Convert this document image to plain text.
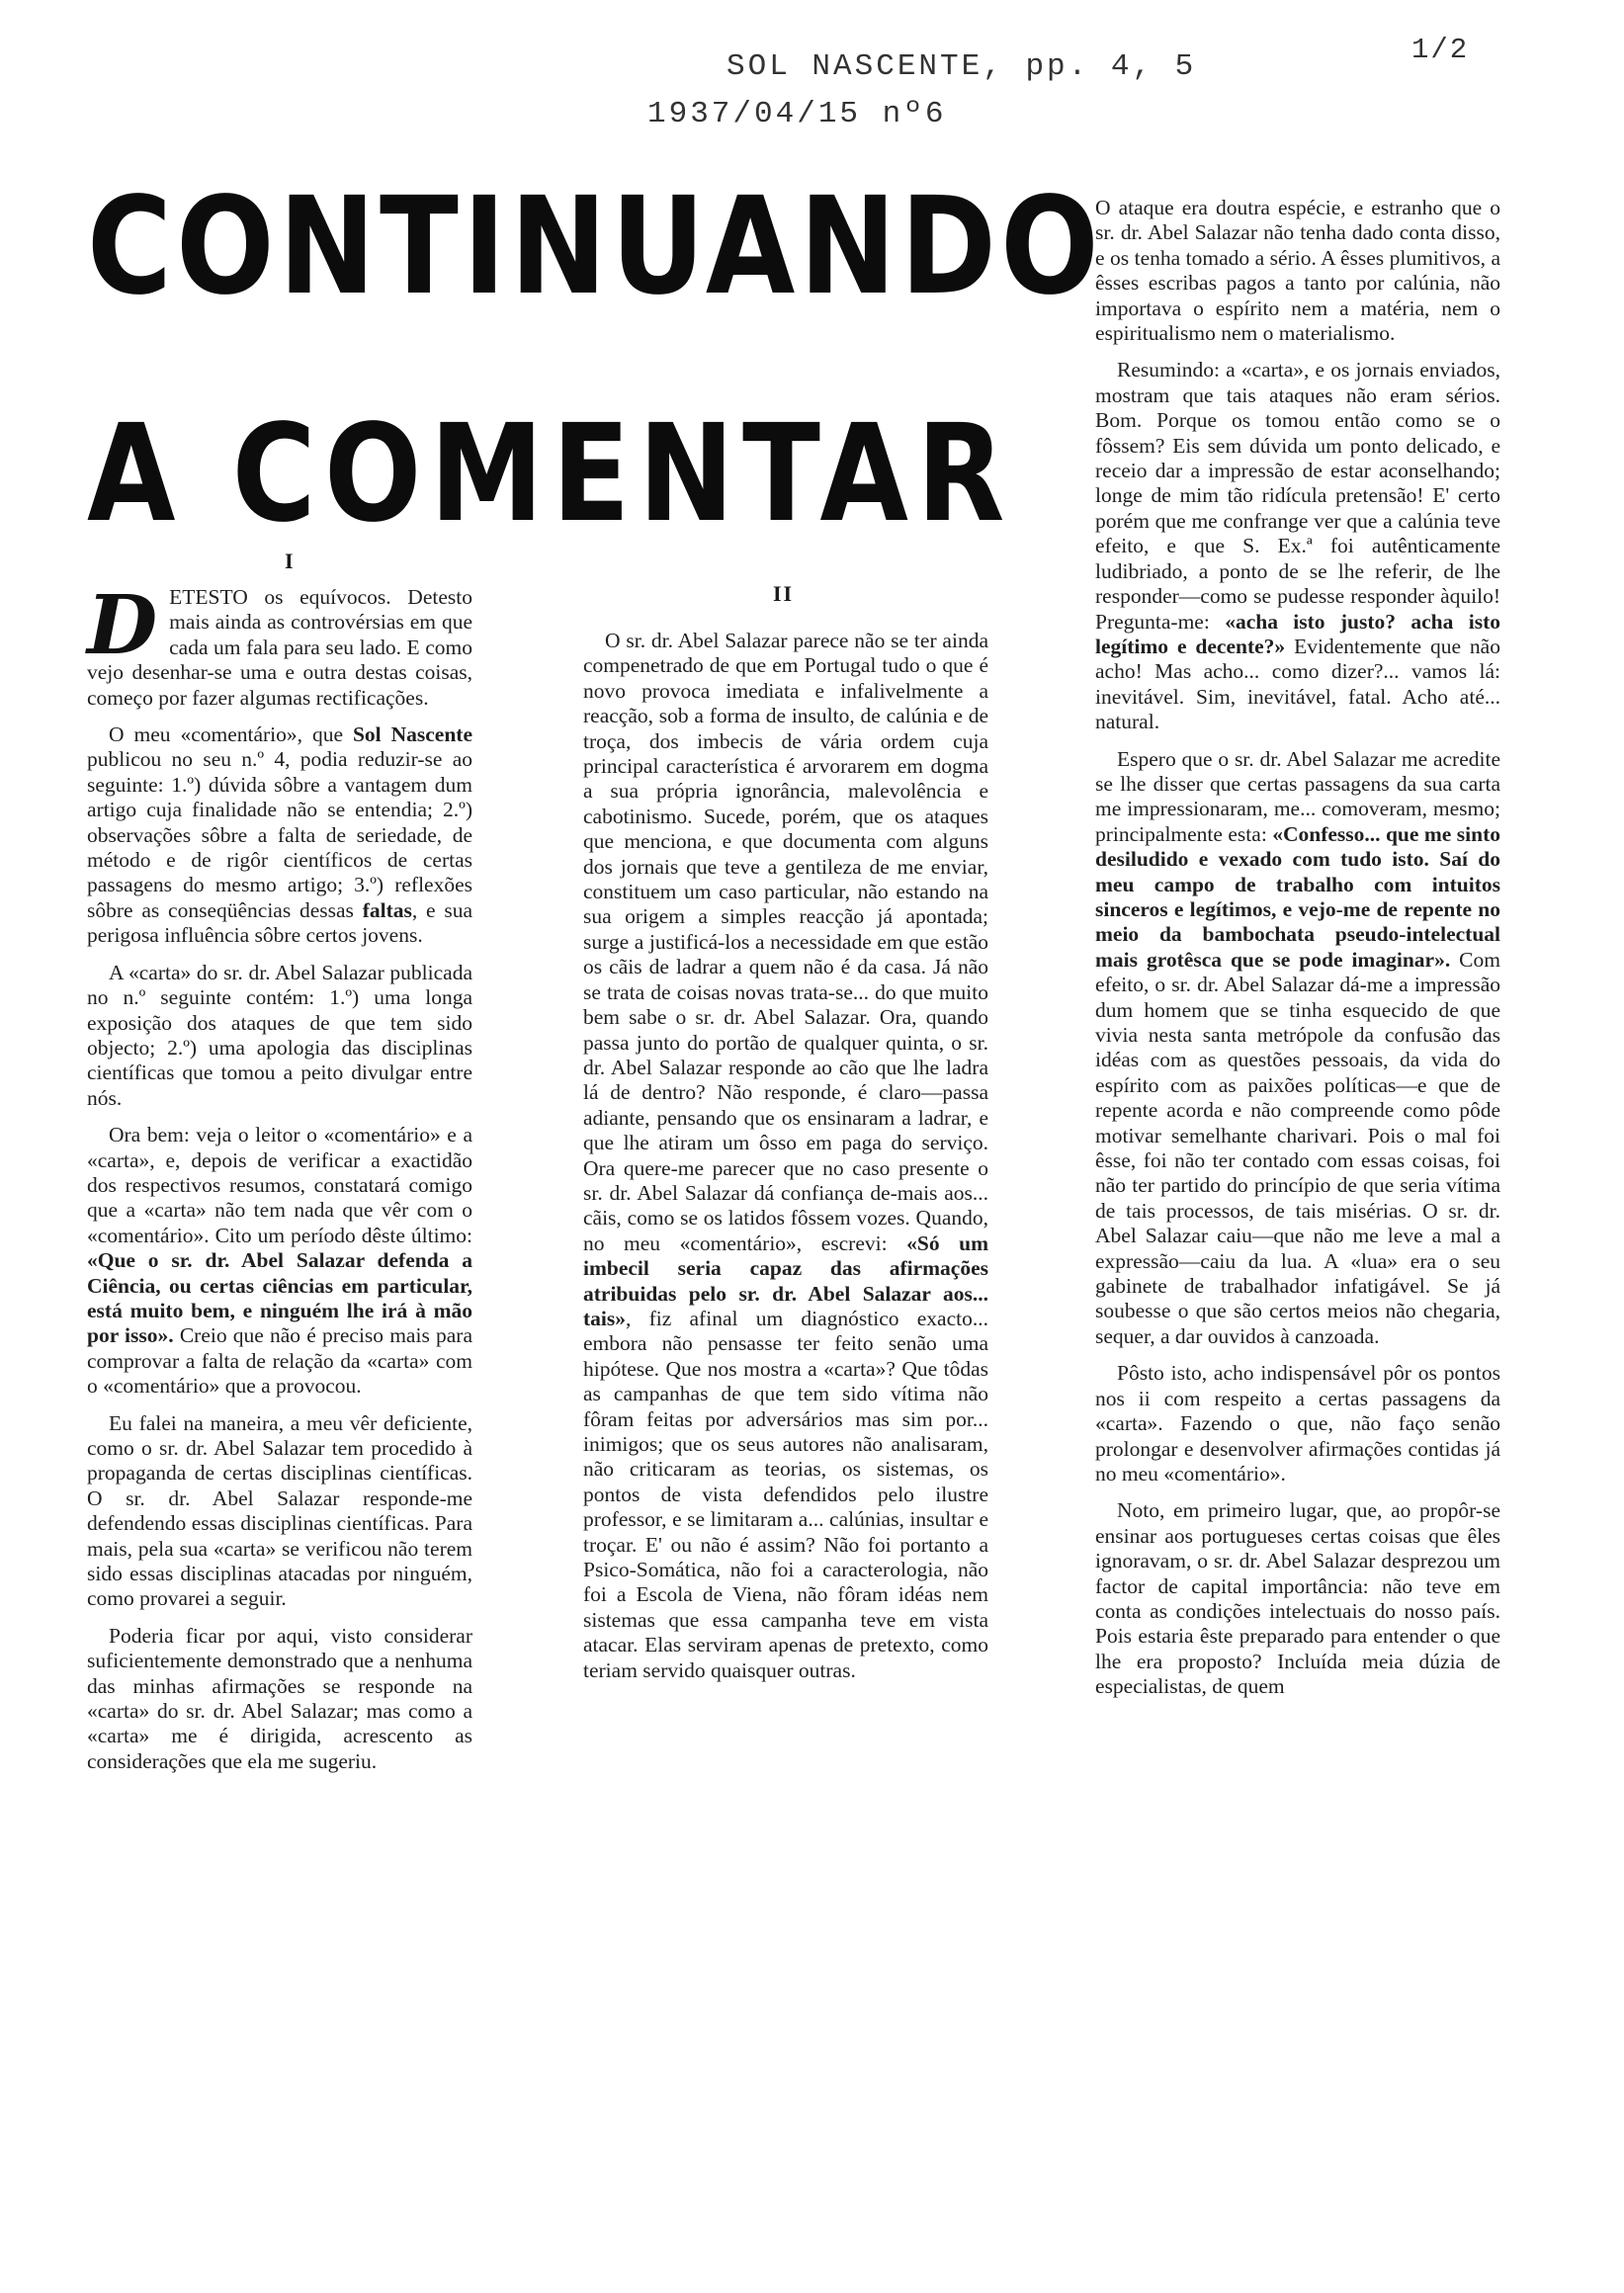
SOL NASCENTE, pp. 4, 5
1937/04/15 nº6
1/2
CONTINUANDO
A COMENTAR
I
II

DETESTO os equívocos. Detesto mais ainda as controvérsias em que cada um fala para seu lado. E como vejo desenhar-se uma e outra destas coisas, começo por fazer algumas rectificações.

O meu «comentário», que Sol Nascente publicou no seu n.º 4, podia reduzir-se ao seguinte: 1.º) dúvida sôbre a vantagem dum artigo cuja finalidade não se entendia; 2.º) observações sôbre a falta de seriedade, de método e de rigôr científicos de certas passagens do mesmo artigo; 3.º) reflexões sôbre as conseqüências dessas faltas, e sua perigosa influência sôbre certos jovens.

A «carta» do sr. dr. Abel Salazar publicada no n.º seguinte contém: 1.º) uma longa exposição dos ataques de que tem sido objecto; 2.º) uma apologia das disciplinas científicas que tomou a peito divulgar entre nós.

Ora bem: veja o leitor o «comentário» e a «carta», e, depois de verificar a exactidão dos respectivos resumos, constatará comigo que a «carta» não tem nada que vêr com o «comentário». Cito um período dêste último: «Que o sr. dr. Abel Salazar defenda a Ciência, ou certas ciências em particular, está muito bem, e ninguém lhe irá à mão por isso». Creio que não é preciso mais para comprovar a falta de relação da «carta» com o «comentário» que a provocou.

Eu falei na maneira, a meu vêr deficiente, como o sr. dr. Abel Salazar tem procedido à propaganda de certas disciplinas científicas. O sr. dr. Abel Salazar responde-me defendendo essas disciplinas científicas. Para mais, pela sua «carta» se verificou não terem sido essas disciplinas atacadas por ninguém, como provarei a seguir.

Poderia ficar por aqui, visto considerar suficientemente demonstrado que a nenhuma das minhas afirmações se responde na «carta» do sr. dr. Abel Salazar; mas como a «carta» me é dirigida, acrescento as considerações que ela me sugeriu.

O sr. dr. Abel Salazar parece não se ter ainda compenetrado de que em Portugal tudo o que é novo provoca imediata e infalivelmente a reacção, sob a forma de insulto, de calúnia e de troça, dos imbecis de vária ordem cuja principal característica é arvorarem em dogma a sua própria ignorância, malevolência e cabotinismo. Sucede, porém, que os ataques que menciona, e que documenta com alguns dos jornais que teve a gentileza de me enviar, constituem um caso particular, não estando na sua origem a simples reacção já apontada; surge a justificá-los a necessidade em que estão os cãis de ladrar a quem não é da casa. Já não se trata de coisas novas trata-se... do que muito bem sabe o sr. dr. Abel Salazar. Ora, quando passa junto do portão de qualquer quinta, o sr. dr. Abel Salazar responde ao cão que lhe ladra lá de dentro? Não responde, é claro—passa adiante, pensando que os ensinaram a ladrar, e que lhe atiram um ôsso em paga do serviço. Ora quere-me parecer que no caso presente o sr. dr. Abel Salazar dá confiança de-mais aos... cãis, como se os latidos fôssem vozes. Quando, no meu «comentário», escrevi: «Só um imbecil seria capaz das afirmações atribuidas pelo sr. dr. Abel Salazar aos... tais», fiz afinal um diagnóstico exacto... embora não pensasse ter feito senão uma hipótese. Que nos mostra a «carta»? Que tôdas as campanhas de que tem sido vítima não fôram feitas por adversários mas sim por... inimigos; que os seus autores não analisaram, não criticaram as teorias, os sistemas, os pontos de vista defendidos pelo ilustre professor, e se limitaram a... calúnias, insultar e troçar. E' ou não é assim? Não foi portanto a Psico-Somática, não foi a caracterologia, não foi a Escola de Viena, não fôram idéas nem sistemas que essa campanha teve em vista atacar. Elas serviram apenas de pretexto, como teriam servido quaisquer outras.

O ataque era doutra espécie, e estranho que o sr. dr. Abel Salazar não tenha dado conta disso, e os tenha tomado a sério. A êsses plumitivos, a êsses escribas pagos a tanto por calúnia, não importava o espírito nem a matéria, nem o espiritualismo nem o materialismo.

Resumindo: a «carta», e os jornais enviados, mostram que tais ataques não eram sérios. Bom. Porque os tomou então como se o fôssem? Eis sem dúvida um ponto delicado, e receio dar a impressão de estar aconselhando; longe de mim tão ridícula pretensão! E' certo porém que me confrange ver que a calúnia teve efeito, e que S. Ex.ª foi autênticamente ludibriado, a ponto de se lhe referir, de lhe responder—como se pudesse responder àquilo! Pregunta-me: «acha isto justo? acha isto legítimo e decente?» Evidentemente que não acho! Mas acho... como dizer?... vamos lá: inevitável. Sim, inevitável, fatal. Acho até... natural.

Espero que o sr. dr. Abel Salazar me acredite se lhe disser que certas passagens da sua carta me impressionaram, me... comoveram, mesmo; principalmente esta: «Confesso... que me sinto desiludido e vexado com tudo isto. Saí do meu campo de trabalho com intuitos sinceros e legítimos, e vejo-me de repente no meio da bambochata pseudo-intelectual mais grotêsca que se pode imaginar». Com efeito, o sr. dr. Abel Salazar dá-me a impressão dum homem que se tinha esquecido de que vivia nesta santa metrópole da confusão das idéas com as questões pessoais, da vida do espírito com as paixões políticas—e que de repente acorda e não compreende como pôde motivar semelhante charivari. Pois o mal foi êsse, foi não ter contado com essas coisas, foi não ter partido do princípio de que seria vítima de tais processos, de tais misérias. O sr. dr. Abel Salazar caiu—que não me leve a mal a expressão—caiu da lua. A «lua» era o seu gabinete de trabalhador infatigável. Se já soubesse o que são certos meios não chegaria, sequer, a dar ouvidos à canzoada.

Pôsto isto, acho indispensável pôr os pontos nos ii com respeito a certas passagens da «carta». Fazendo o que, não faço senão prolongar e desenvolver afirmações contidas já no meu «comentário».

Noto, em primeiro lugar, que, ao propôr-se ensinar aos portugueses certas coisas que êles ignoravam, o sr. dr. Abel Salazar desprezou um factor de capital importância: não teve em conta as condições intelectuais do nosso país. Pois estaria êste preparado para entender o que lhe era proposto? Incluída meia dúzia de especialistas, de quem
